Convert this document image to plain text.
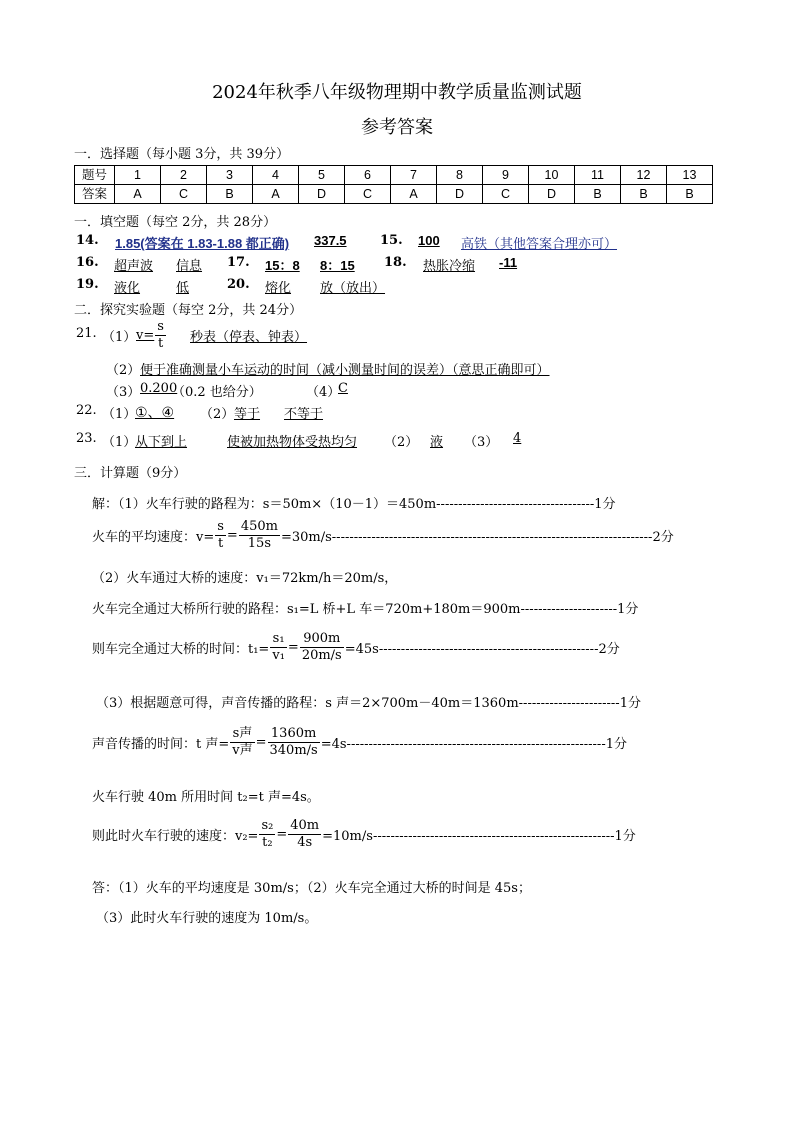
2024年秋季八年级物理期中教学质量监测试题
参考答案
一．选择题（每小题 3分，共 39分）
题号	1	2	3	4	5	6	7	8	9	10	11	12	13
答案	A	C	B	A	D	C	A	D	C	D	B	B	B
一．填空题（每空 2分，共 28分）
14. 1.85(答案在 1.83-1.88 都正确) 337.5	15. 100 高铁（其他答案合理亦可）
16. 超声波 信息 17. 15：8 8：15 18. 热胀冷缩 -11
19. 液化	低	20. 熔化 放（放出）
二．探究实验题（每空 2分，共 24分）
21. （1） $v= \frac{s}{t}$ 秒表（停表、钟表）
（2） 便于准确测量小车运动的时间（减小测量时间的误差）（意思正确即可）
（3） 0.200
（0.2 也给分）	（4）
C
22. （1）
①、④ （2） 等于 不等于
23. （1）
从下到上	使被加热物体受热均匀 （2） 液 （3） 4
三．计算题（9分）
解：（1）火车行驶的路程为：s＝50m×（10－1）＝450m------------------------------------1分
火车的平均速度：$v= \frac{s}{t} = \frac{450m}{15s} =30m/s-------------------------------------------------------------------------2$分
（2）火车通过大桥的速度：v₁＝72km/h＝20m/s，
火车完全通过大桥所行驶的路程：s₁=L 桥+L 车＝720m+180m＝900m----------------------1分
则车完全通过大桥的时间：$t_1= \frac{\text{s₁}}{\text{v₁}} = \frac{900m}{20m/s} =45s--------------------------------------------------2$分
（3）根据题意可得，声音传播的路程：s 声＝2×700m－40m＝1360m-----------------------1分
声音传播的时间：t 声= $\frac{\text{s声}}{\text{v声}} = \frac{1360m}{340m/s} =4s-----------------------------------------------------------1$分
火车行驶 40m 所用时间 t₂=t 声=4s。
则此时火车行驶的速度：$v_2= \frac{\text{s₂}}{\text{t₂}} = \frac{40m}{4s} =10m/s-------------------------------------------------------1$分
答：（1）火车的平均速度是 30m/s；（2）火车完全通过大桥的时间是 45s；
（3）此时火车行驶的速度为 10m/s。
